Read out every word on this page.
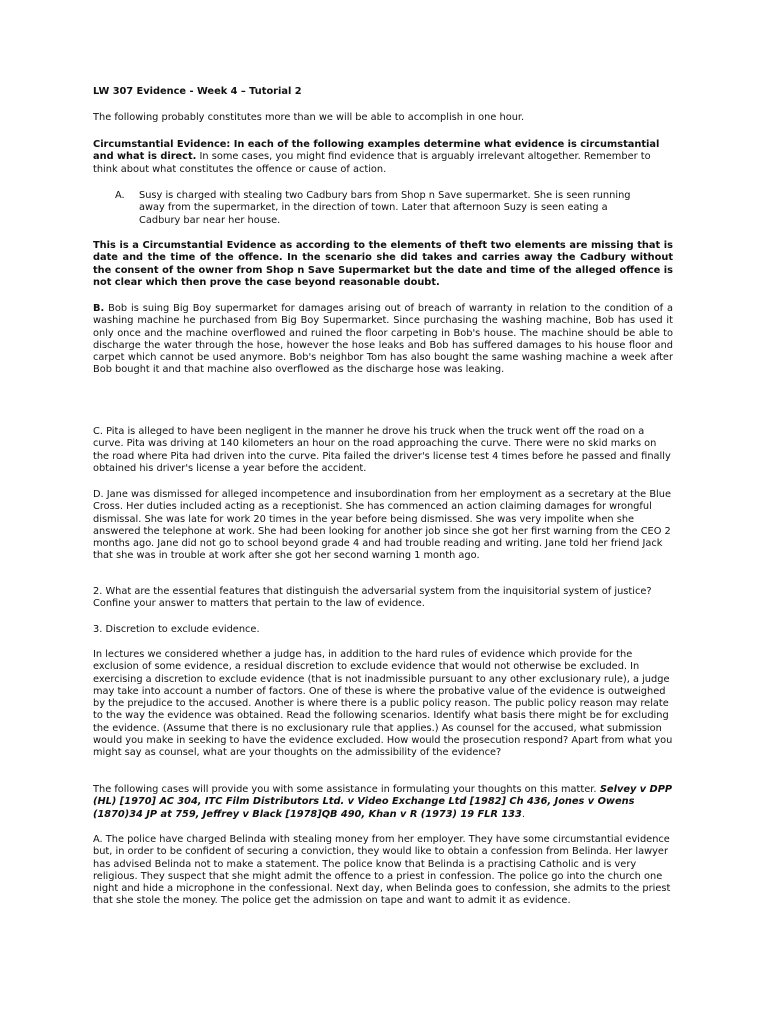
LW 307 Evidence - Week 4 – Tutorial 2

The following probably constitutes more than we will be able to accomplish in one hour.

Circumstantial Evidence: In each of the following examples determine what evidence is circumstantial and what is direct. In some cases, you might find evidence that is arguably irrelevant altogether. Remember to think about what constitutes the offence or cause of action.

A. Susy is charged with stealing two Cadbury bars from Shop n Save supermarket. She is seen running away from the supermarket, in the direction of town. Later that afternoon Suzy is seen eating a Cadbury bar near her house.

This is a Circumstantial Evidence as according to the elements of theft two elements are missing that is date and the time of the offence. In the scenario she did takes and carries away the Cadbury without the consent of the owner from Shop n Save Supermarket but the date and time of the alleged offence is not clear which then prove the case beyond reasonable doubt.

B. Bob is suing Big Boy supermarket for damages arising out of breach of warranty in relation to the condition of a washing machine he purchased from Big Boy Supermarket. Since purchasing the washing machine, Bob has used it only once and the machine overflowed and ruined the floor carpeting in Bob's house. The machine should be able to discharge the water through the hose, however the hose leaks and Bob has suffered damages to his house floor and carpet which cannot be used anymore. Bob's neighbor Tom has also bought the same washing machine a week after Bob bought it and that machine also overflowed as the discharge hose was leaking.

C. Pita is alleged to have been negligent in the manner he drove his truck when the truck went off the road on a curve. Pita was driving at 140 kilometers an hour on the road approaching the curve. There were no skid marks on the road where Pita had driven into the curve. Pita failed the driver's license test 4 times before he passed and finally obtained his driver's license a year before the accident.

D. Jane was dismissed for alleged incompetence and insubordination from her employment as a secretary at the Blue Cross. Her duties included acting as a receptionist. She has commenced an action claiming damages for wrongful dismissal. She was late for work 20 times in the year before being dismissed. She was very impolite when she answered the telephone at work. She had been looking for another job since she got her first warning from the CEO 2 months ago. Jane did not go to school beyond grade 4 and had trouble reading and writing. Jane told her friend Jack that she was in trouble at work after she got her second warning 1 month ago.

2. What are the essential features that distinguish the adversarial system from the inquisitorial system of justice? Confine your answer to matters that pertain to the law of evidence.

3. Discretion to exclude evidence.

In lectures we considered whether a judge has, in addition to the hard rules of evidence which provide for the exclusion of some evidence, a residual discretion to exclude evidence that would not otherwise be excluded. In exercising a discretion to exclude evidence (that is not inadmissible pursuant to any other exclusionary rule), a judge may take into account a number of factors. One of these is where the probative value of the evidence is outweighed by the prejudice to the accused. Another is where there is a public policy reason. The public policy reason may relate to the way the evidence was obtained. Read the following scenarios. Identify what basis there might be for excluding the evidence. (Assume that there is no exclusionary rule that applies.) As counsel for the accused, what submission would you make in seeking to have the evidence excluded. How would the prosecution respond? Apart from what you might say as counsel, what are your thoughts on the admissibility of the evidence?

The following cases will provide you with some assistance in formulating your thoughts on this matter. Selvey v DPP (HL) [1970] AC 304, ITC Film Distributors Ltd. v Video Exchange Ltd [1982] Ch 436, Jones v Owens (1870)34 JP at 759, Jeffrey v Black [1978]QB 490, Khan v R (1973) 19 FLR 133.

A. The police have charged Belinda with stealing money from her employer. They have some circumstantial evidence but, in order to be confident of securing a conviction, they would like to obtain a confession from Belinda. Her lawyer has advised Belinda not to make a statement. The police know that Belinda is a practising Catholic and is very religious. They suspect that she might admit the offence to a priest in confession. The police go into the church one night and hide a microphone in the confessional. Next day, when Belinda goes to confession, she admits to the priest that she stole the money. The police get the admission on tape and want to admit it as evidence.
